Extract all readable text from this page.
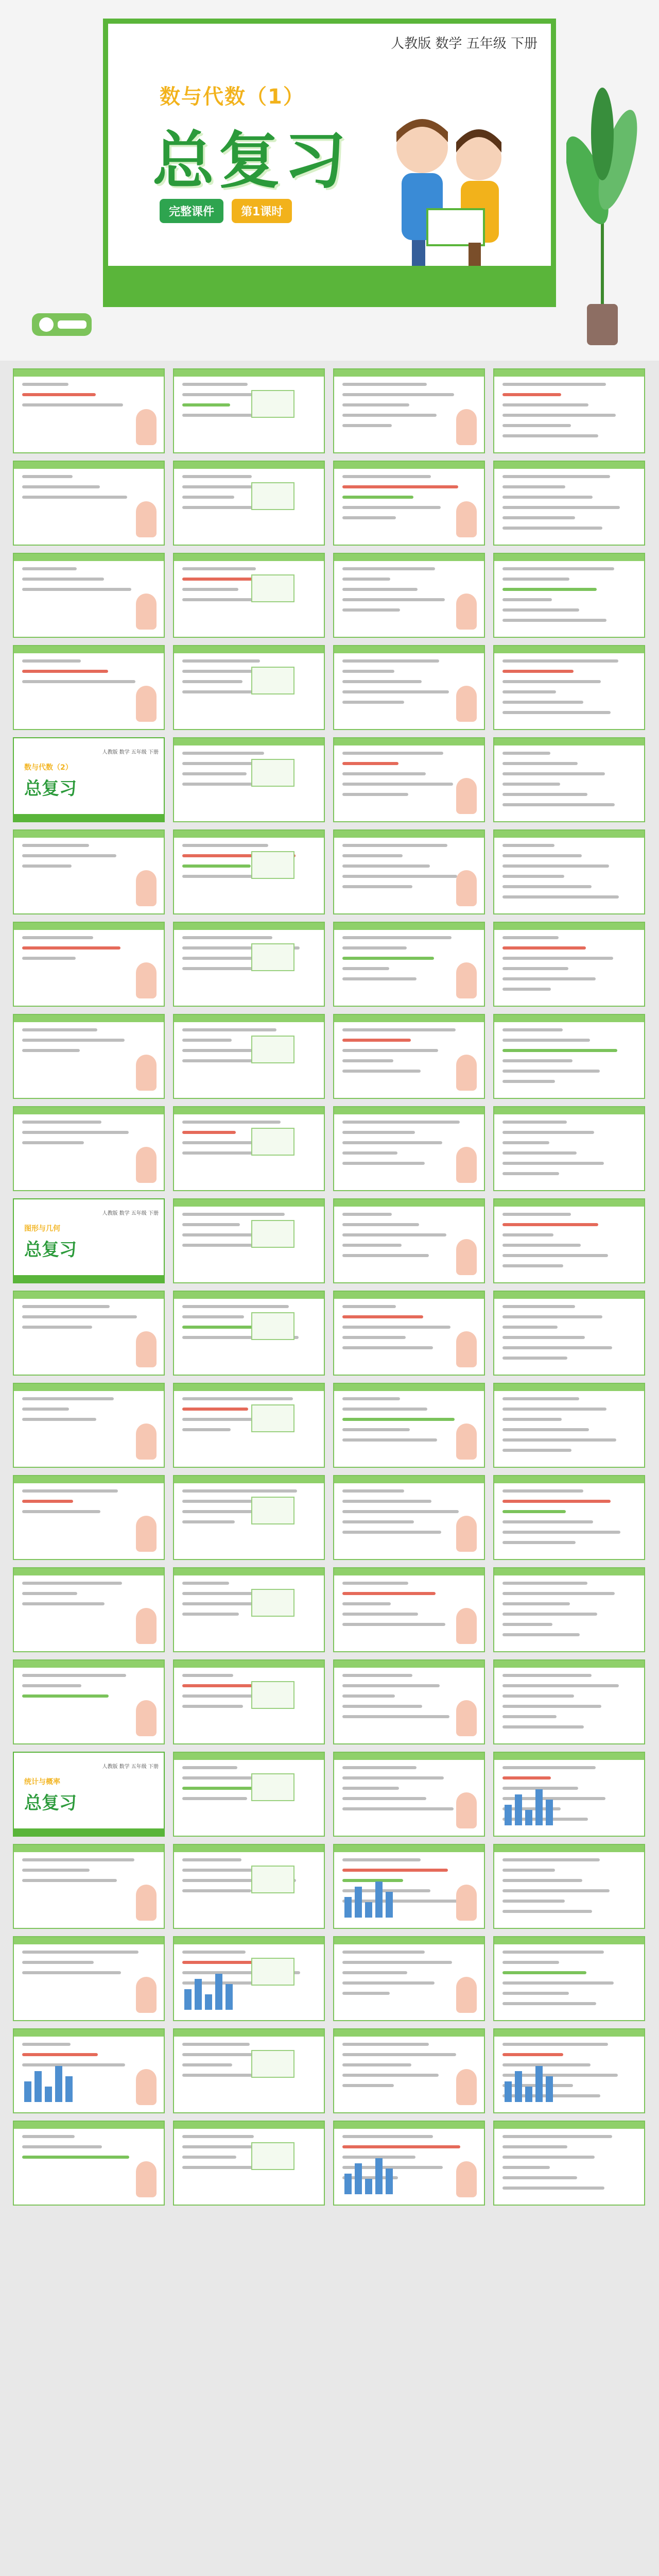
人教版 数学 五年级 下册
数与代数（1）
总复习
完整课件	第1课时
人教版 数学 五年级 下册
数与代数（2）
总复习
人教版 数学 五年级 下册
图形与几何
总复习
人教版 数学 五年级 下册
统计与概率
总复习
